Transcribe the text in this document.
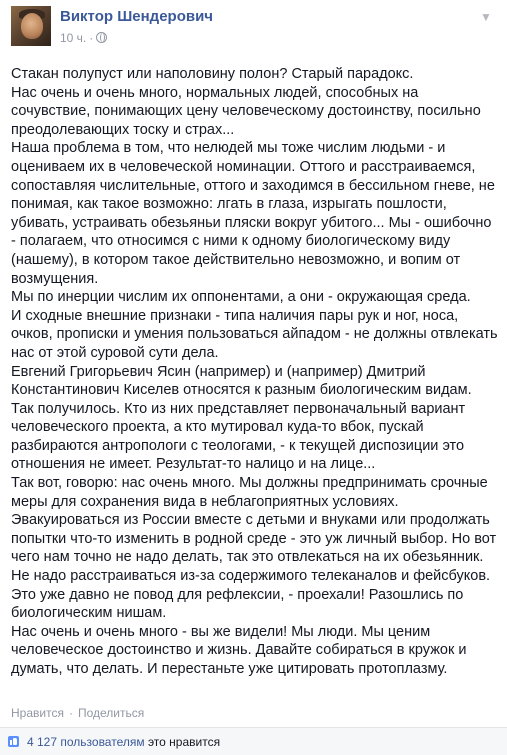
Виктор Шендерович
10 ч. ·
▼

Стакан полупуст или наполовину полон? Старый парадокс.

Нас очень и очень много, нормальных людей, способных на сочувствие, понимающих цену человеческому достоинству, посильно преодолевающих тоску и страх...

Наша проблема в том, что нелюдей мы тоже числим людьми - и оцениваем их в человеческой номинации. Оттого и расстраиваемся, сопоставляя числительные, оттого и заходимся в бессильном гневе, не понимая, как такое возможно: лгать в глаза, изрыгать пошлости, убивать, устраивать обезьяньи пляски вокруг убитого... Мы - ошибочно - полагаем, что относимся с ними к одному биологическому виду (нашему), в котором такое действительно невозможно, и вопим от возмущения.

Мы по инерции числим их оппонентами, а они - окружающая среда.

И сходные внешние признаки - типа наличия пары рук и ног, носа, очков, прописки и умения пользоваться айпадом - не должны отвлекать нас от этой суровой сути дела.

Евгений Григорьевич Ясин (например) и (например) Дмитрий Константинович Киселев относятся к разным биологическим видам.

Так получилось. Кто из них представляет первоначальный вариант человеческого проекта, а кто мутировал куда-то вбок, пускай разбираются антропологи с теологами, - к текущей диспозиции это отношения не имеет. Результат-то налицо и на лице...

Так вот, говорю: нас очень много. Мы должны предпринимать срочные меры для сохранения вида в неблагоприятных условиях.

Эвакуироваться из России вместе с детьми и внуками или продолжать попытки что-то изменить в родной среде - это уж личный выбор. Но вот чего нам точно не надо делать, так это отвлекаться на их обезьянник.

Не надо расстраиваться из-за содержимого телеканалов и фейсбуков. Это уже давно не повод для рефлексии, - проехали! Разошлись по биологическим нишам.

Нас очень и очень много - вы же видели! Мы люди. Мы ценим человеческое достоинство и жизнь. Давайте собираться в кружок и думать, что делать. И перестаньте уже цитировать протоплазму.

Нравится · Поделиться
4 127 пользователям это нравится
